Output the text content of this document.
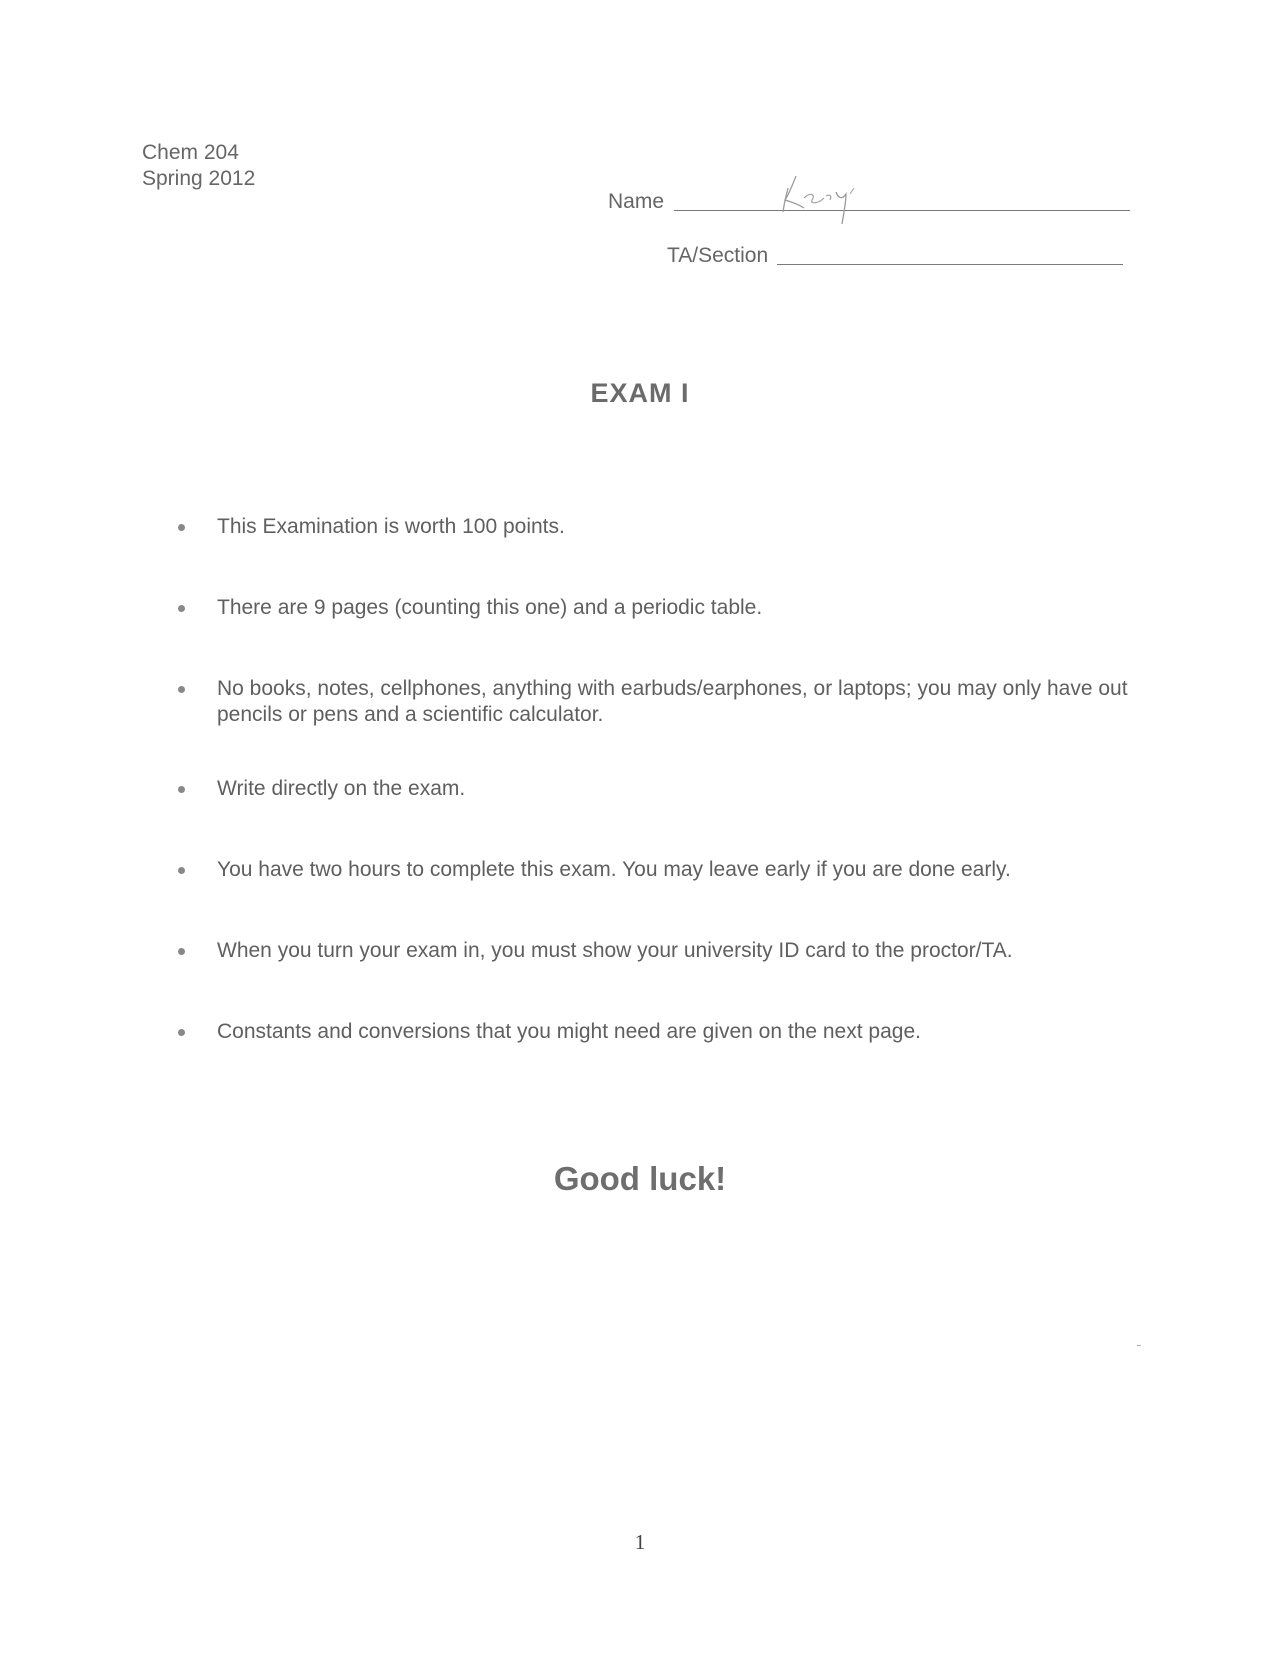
Chem 204
Spring 2012
Name
TA/Section
EXAM I
This Examination is worth 100 points.
There are 9 pages (counting this one) and a periodic table.
No books, notes, cellphones, anything with earbuds/earphones, or laptops; you may only have out pencils or pens and a scientific calculator.
Write directly on the exam.
You have two hours to complete this exam. You may leave early if you are done early.
When you turn your exam in, you must show your university ID card to the proctor/TA.
Constants and conversions that you might need are given on the next page.
Good luck!
1
